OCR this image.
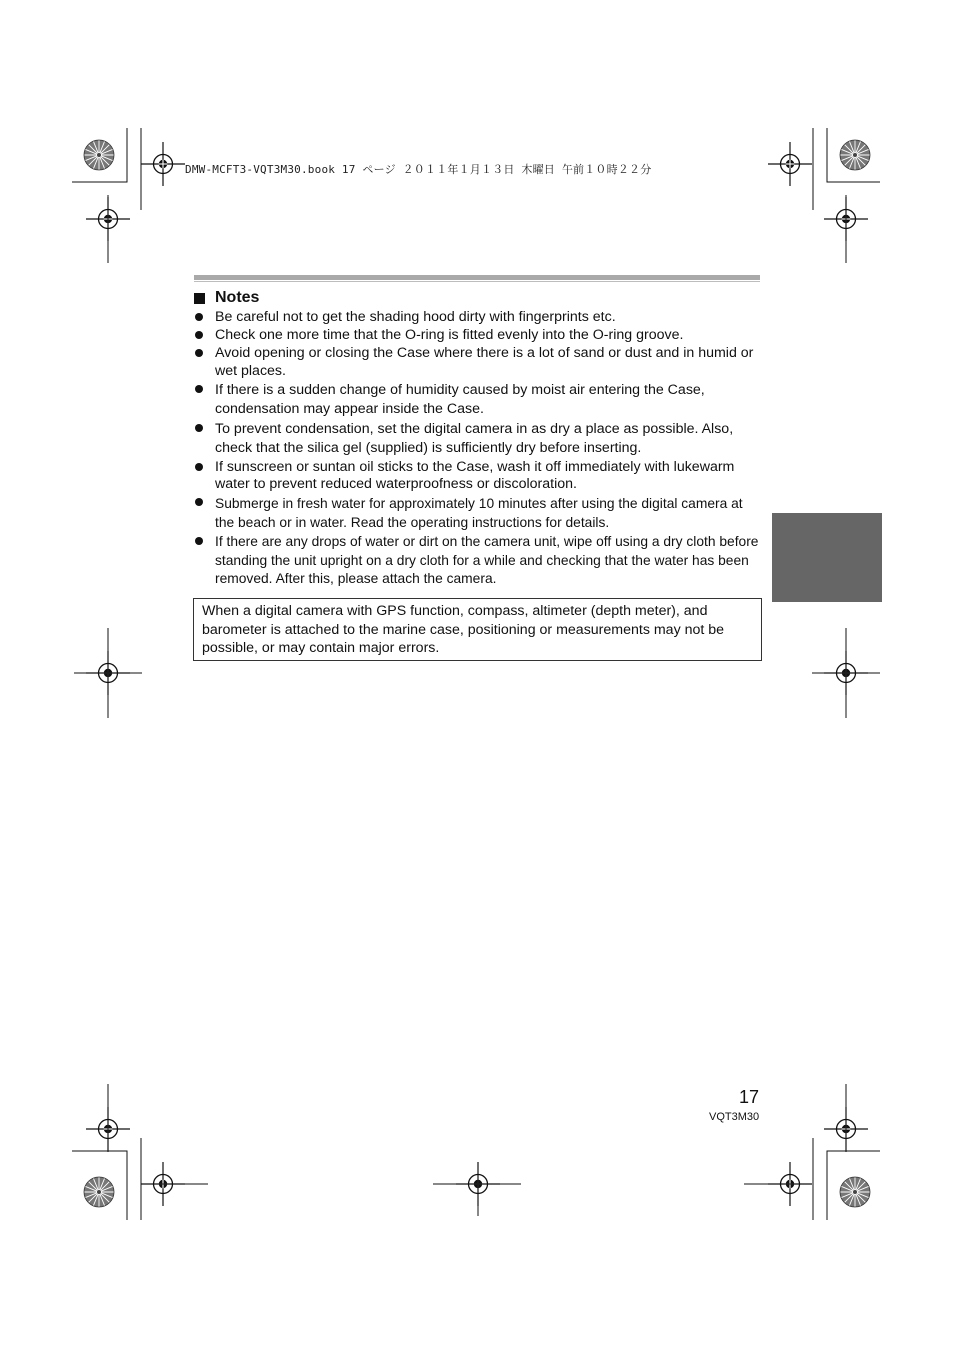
DMW-MCFT3-VQT3M30.book 17 ページ ２０１１年１月１３日 木曜日 午前１０時２２分
Notes
Be careful not to get the shading hood dirty with fingerprints etc.
Check one more time that the O-ring is fitted evenly into the O-ring groove.
Avoid opening or closing the Case where there is a lot of sand or dust and in humid or wet places.
If there is a sudden change of humidity caused by moist air entering the Case, condensation may appear inside the Case.
To prevent condensation, set the digital camera in as dry a place as possible. Also, check that the silica gel (supplied) is sufficiently dry before inserting.
If sunscreen or suntan oil sticks to the Case, wash it off immediately with lukewarm water to prevent reduced waterproofness or discoloration.
Submerge in fresh water for approximately 10 minutes after using the digital camera at the beach or in water. Read the operating instructions for details.
If there are any drops of water or dirt on the camera unit, wipe off using a dry cloth before standing the unit upright on a dry cloth for a while and checking that the water has been removed. After this, please attach the camera.
When a digital camera with GPS function, compass, altimeter (depth meter), and barometer is attached to the marine case, positioning or measurements may not be possible, or may contain major errors.
17
VQT3M30
